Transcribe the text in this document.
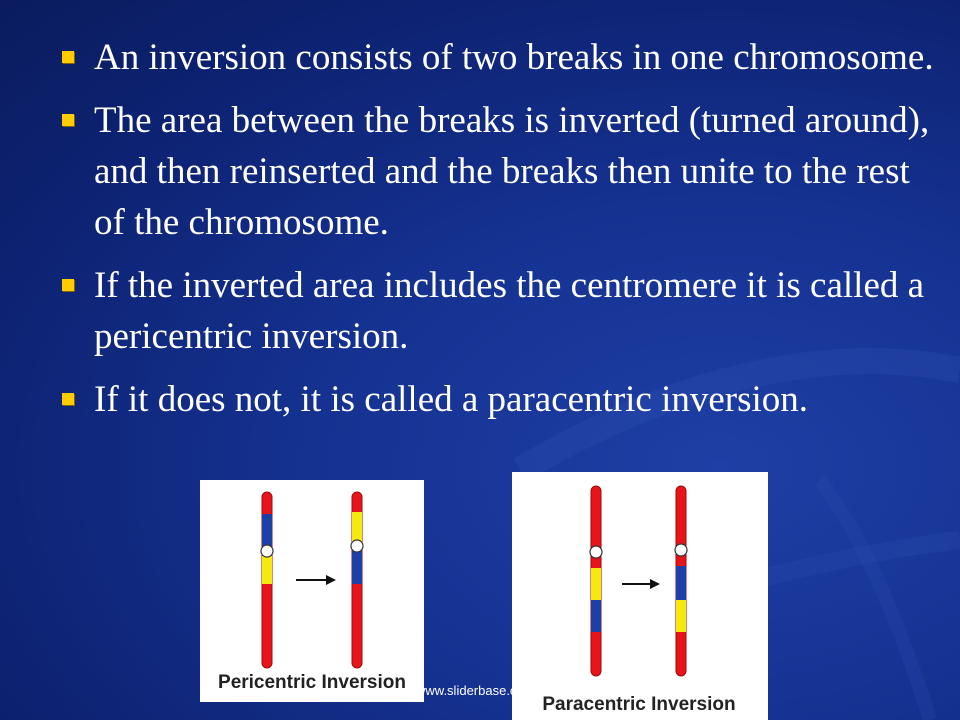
An inversion consists of two breaks in one chromosome.
The area between the breaks is inverted (turned around), and then reinserted and the breaks then unite to the rest of the chromosome.
If the inverted area includes the centromere it is called a pericentric inversion.
If it does not, it is called a paracentric inversion.
Pericentric Inversion
Paracentric Inversion
www.sliderbase.com
